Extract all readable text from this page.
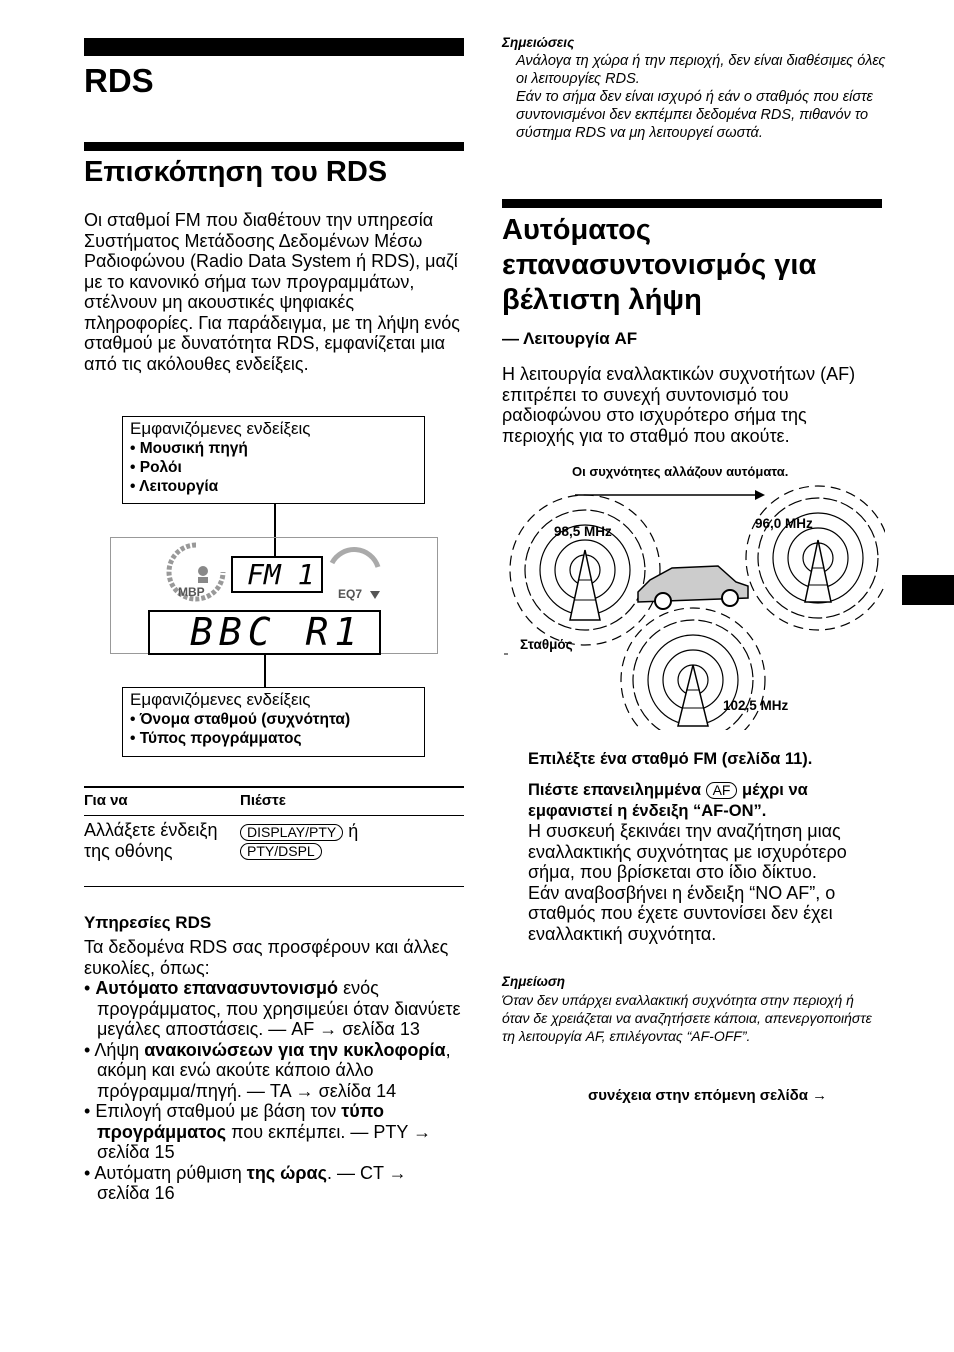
RDS
Επισκόπηση του RDS
Οι σταθμοί FM που διαθέτουν την υπηρεσία Συστήματος Μετάδοσης Δεδομένων Μέσω Ραδιοφώνου (Radio Data System ή RDS), μαζί με το κανονικό σήμα των προγραμμάτων, στέλνουν μη ακουστικές ψηφιακές πληροφορίες. Για παράδειγμα, με τη λήψη ενός σταθμού με δυνατότητα RDS, εμφανίζεται μια από τις ακόλουθες ενδείξεις.
Εμφανιζόμενες ενδείξεις
• Μουσική πηγή
• Ρολόι
• Λειτουργία
MBP	EQ7
FM 1
BBC R1
Εμφανιζόμενες ενδείξεις
• Όνομα σταθμού (συχνότητα)
• Τύπος προγράμματος
Για να	Πιέστε
Αλλάξετε ένδειξη της οθόνης
DISPLAY/PTY ή
PTY/DSPL
Υπηρεσίες RDS
Τα δεδομένα RDS σας προσφέρουν και άλλες ευκολίες, όπως:
• Αυτόματο επανασυντονισμό ενός προγράμματος, που χρησιμεύει όταν διανύετε μεγάλες αποστάσεις. — AF → σελίδα 13
• Λήψη ανακοινώσεων για την κυκλοφορία, ακόμη και ενώ ακούτε κάποιο άλλο πρόγραμμα/πηγή. — TA → σελίδα 14
• Επιλογή σταθμού με βάση τον τύπο προγράμματος που εκπέμπει. — PTY → σελίδα 15
• Αυτόματη ρύθμιση της ώρας. — CT → σελίδα 16
Σημειώσεις
Ανάλογα τη χώρα ή την περιοχή, δεν είναι διαθέσιμες όλες οι λειτουργίες RDS.
Εάν το σήμα δεν είναι ισχυρό ή εάν ο σταθμός που είστε συντονισμένοι δεν εκπέμπει δεδομένα RDS, πιθανόν το σύστημα RDS να μη λειτουργεί σωστά.
Αυτόματος επανασυντονισμός για βέλτιστη λήψη
— Λειτουργία AF
Η λειτουργία εναλλακτικών συχνοτήτων (AF) επιτρέπει το συνεχή συντονισμό του ραδιοφώνου στο ισχυρότερο σήμα της περιοχής για το σταθμό που ακούτε.
Οι συχνότητες αλλάζουν αυτόματα.
98,5 MHz
96,0 MHz
102,5 MHz
Σταθμός
Επιλέξτε ένα σταθμό FM (σελίδα 11).
Πιέστε επανειλημμένα AF μέχρι να εμφανιστεί η ένδειξη “AF-ON”.
Η συσκευή ξεκινάει την αναζήτηση μιας εναλλακτικής συχνότητας με ισχυρότερο σήμα, που βρίσκεται στο ίδιο δίκτυο.
Εάν αναβοσβήνει η ένδειξη “NO AF”, ο σταθμός που έχετε συντονίσει δεν έχει εναλλακτική συχνότητα.
Σημείωση
Όταν δεν υπάρχει εναλλακτική συχνότητα στην περιοχή ή όταν δε χρειάζεται να αναζητήσετε κάποια, απενεργοποιήστε τη λειτουργία AF, επιλέγοντας “AF-OFF”.
συνέχεια στην επόμενη σελίδα →
